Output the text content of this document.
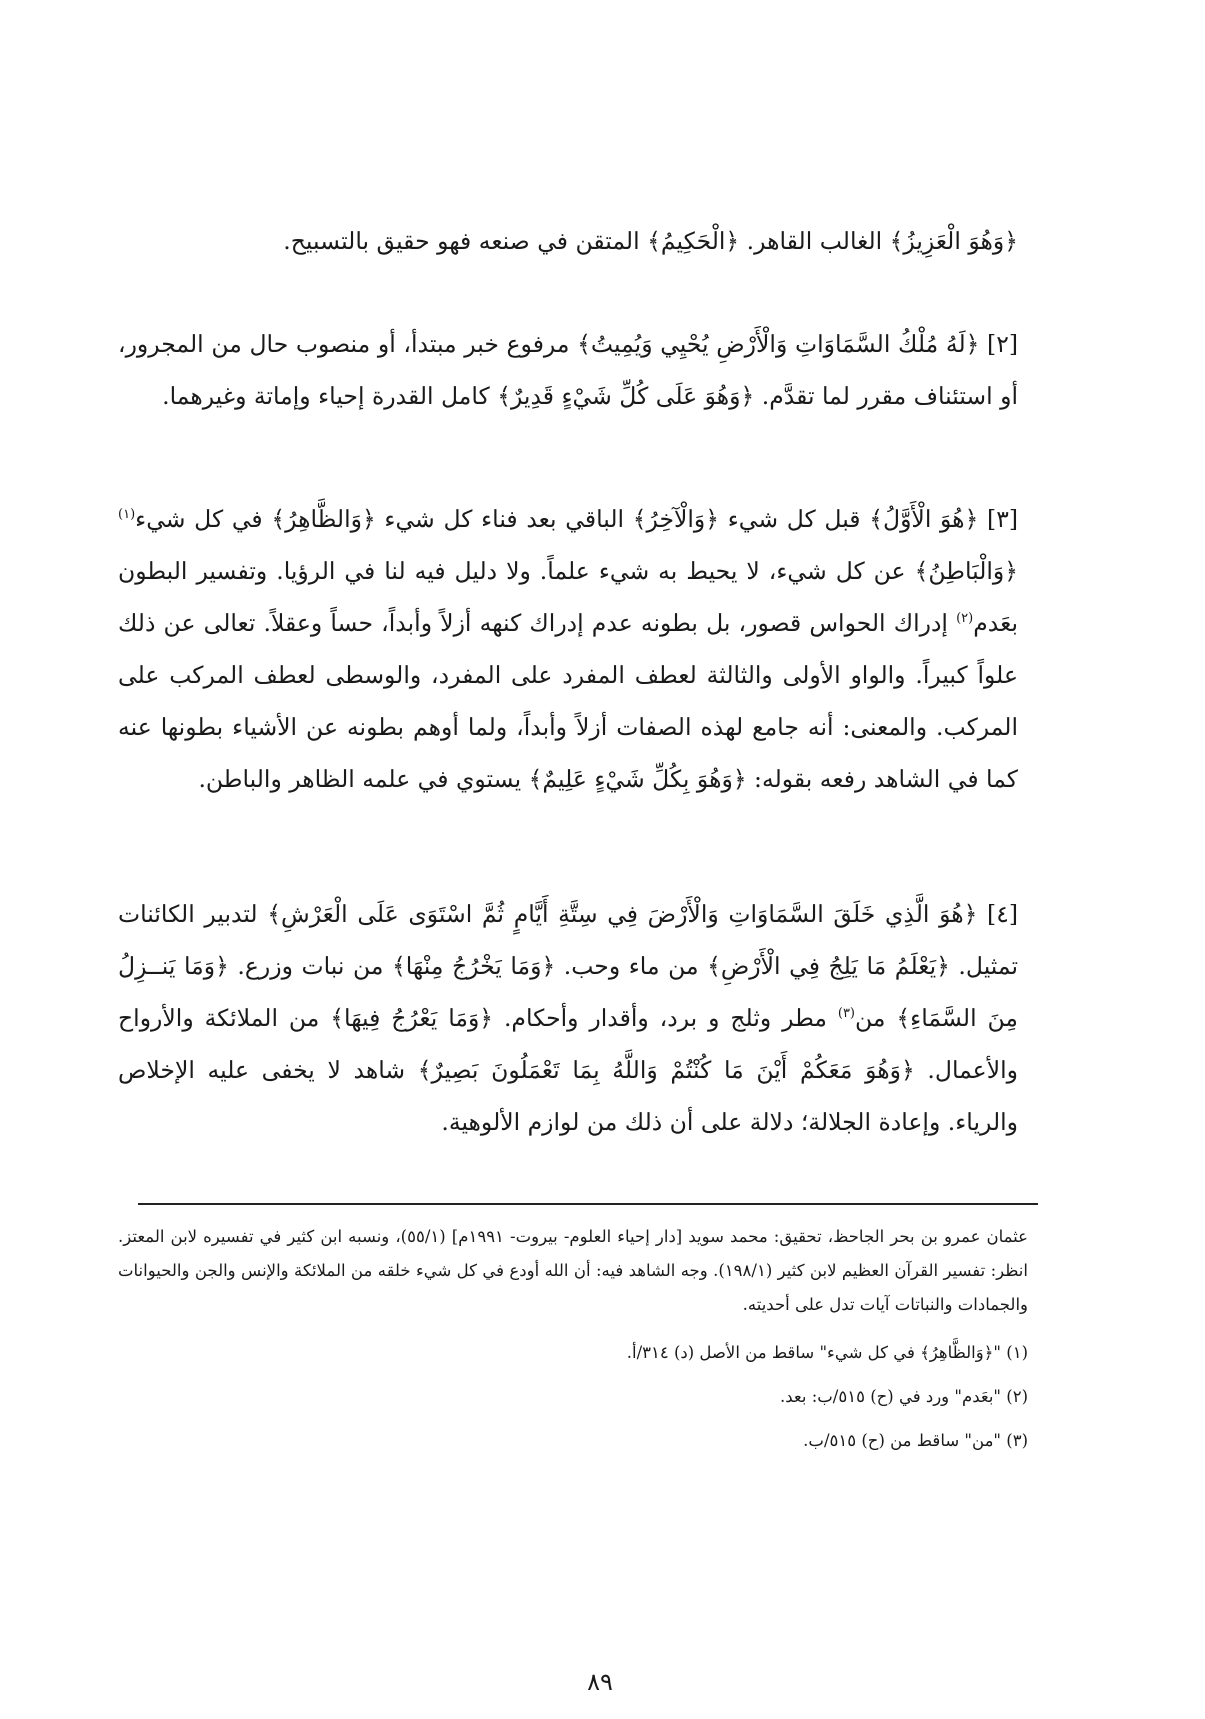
﴿وَهُوَ الْعَزِيزُ﴾ الغالب القاهر. ﴿الْحَكِيمُ﴾ المتقن في صنعه فهو حقيق بالتسبيح.

[٢] ﴿لَهُ مُلْكُ السَّمَاوَاتِ وَالْأَرْضِ يُحْيِي وَيُمِيتُ﴾ مرفوع خبر مبتدأ، أو منصوب حال من المجرور، أو استئناف مقرر لما تقدَّم. ﴿وَهُوَ عَلَى كُلِّ شَيْءٍ قَدِيرٌ﴾ كامل القدرة إحياء وإماتة وغيرهما.

[٣] ﴿هُوَ الْأَوَّلُ﴾ قبل كل شيء ﴿وَالْآخِرُ﴾ الباقي بعد فناء كل شيء ﴿وَالظَّاهِرُ﴾ في كل شيء$^{(١)}$ ﴿وَالْبَاطِنُ﴾ عن كل شيء، لا يحيط به شيء علماً. ولا دليل فيه لنا في الرؤيا. وتفسير البطون بعَدم$^{(٢)}$ إدراك الحواس قصور، بل بطونه عدم إدراك كنهه أزلاً وأبداً، حساً وعقلاً. تعالى عن ذلك علواً كبيراً. والواو الأولى والثالثة لعطف المفرد على المفرد، والوسطى لعطف المركب على المركب. والمعنى: أنه جامع لهذه الصفات أزلاً وأبداً، ولما أوهم بطونه عن الأشياء بطونها عنه كما في الشاهد رفعه بقوله: ﴿وَهُوَ بِكُلِّ شَيْءٍ عَلِيمٌ﴾ يستوي في علمه الظاهر والباطن.

[٤] ﴿هُوَ الَّذِي خَلَقَ السَّمَاوَاتِ وَالْأَرْضَ فِي سِتَّةِ أَيَّامٍ ثُمَّ اسْتَوَى عَلَى الْعَرْشِ﴾ لتدبير الكائنات تمثيل. ﴿يَعْلَمُ مَا يَلِجُ فِي الْأَرْضِ﴾ من ماء وحب. ﴿وَمَا يَخْرُجُ مِنْهَا﴾ من نبات وزرع. ﴿وَمَا يَنــزِلُ مِنَ السَّمَاءِ﴾ من$^{(٣)}$ مطر وثلج و برد، وأقدار وأحكام. ﴿وَمَا يَعْرُجُ فِيهَا﴾ من الملائكة والأرواح والأعمال. ﴿وَهُوَ مَعَكُمْ أَيْنَ مَا كُنْتُمْ وَاللَّهُ بِمَا تَعْمَلُونَ بَصِيرٌ﴾ شاهد لا يخفى عليه الإخلاص والرياء. وإعادة الجلالة؛ دلالة على أن ذلك من لوازم الألوهية.

عثمان عمرو بن بحر الجاحظ، تحقيق: محمد سويد [دار إحياء العلوم- بيروت- ١٩٩١م] (٥٥/١)، ونسبه ابن كثير في تفسيره لابن المعتز. انظر: تفسير القرآن العظيم لابن كثير (١٩٨/١). وجه الشاهد فيه: أن الله أودع في كل شيء خلقه من الملائكة والإنس والجن والحيوانات والجمادات والنباتات آيات تدل على أحديته.

(١) "﴿وَالظَّاهِرُ﴾ في كل شيء" ساقط من الأصل (د) ٣١٤/أ.

(٢) "بعَدم" ورد في (ح) ٥١٥/ب: بعد.

(٣) "من" ساقط من (ح) ٥١٥/ب.

٨٩
